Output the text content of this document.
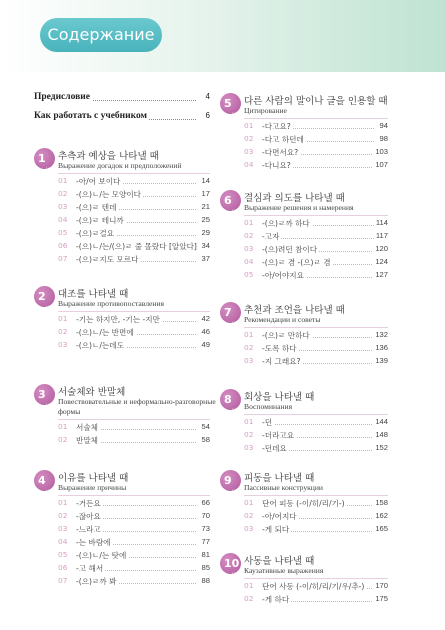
Содержание
Предисловие	4
Как работать с учебником	6
1
Unit
추측과 예상을 나타낼 때
Выражение догадок и предположений
01 -아/어 보이다	14
02 -(으)ㄴ/는 모양이다	17
03 -(으)ㄹ 텐데	21
04 -(으)ㄹ 테니까	25
05 -(으)ㄹ걸요	29
06 -(으)ㄴ/는/(으)ㄹ 줄 몰랐다 [알았다] 34
07 -(으)ㄹ지도 모르다	37
2
Unit
대조를 나타낼 때
Выражение противопоставления
01 -기는 하지만, -기는 -지만	42
02 -(으)ㄴ/는 반면에	46
03 -(으)ㄴ/는데도	49
3
Unit
서술체와 반말체
Повествовательные и неформально-разговорные формы
01 서술체	54
02 반말체	58
4
Unit
이유를 나타낼 때
Выражение причины
01 -거든요	66
02 -잖아요	70
03 -느라고	73
04 -는 바람에	77
05 -(으)ㄴ/는 탓에	81
06 -고 해서	85
07 -(으)ㄹ까 봐	88
5
Unit
다른 사람의 말이나 글을 인용할 때
Цитирование
01 -다고요?	94
02 -다고 하던데	98
03 -다면서요?	103
04 -다니요?	107
6
Unit
결심과 의도를 나타낼 때
Выражение решения и намерения
01 -(으)ㄹ까 하다	114
02 -고자	117
03 -(으)려던 참이다	120
04 -(으)ㄹ 겸 -(으)ㄹ 겸	124
05 -아/어야지요	127
7
Unit
추천과 조언을 나타낼 때
Рекомендации и советы
01 -(으)ㄹ 만하다	132
02 -도록 하다	136
03 -지 그래요?	139
8
Unit
회상을 나타낼 때
Воспоминания
01 -던	144
02 -더라고요	148
03 -던데요	152
9
Unit
피동을 나타낼 때
Пассивные конструкции
01 단어 피동 (-이/히/리/기-)	158
02 -아/어지다	162
03 -게 되다	165
10
Unit
사동을 나타낼 때
Каузативные выражения
01 단어 사동 (-이/히/리/기/우/추-) 170
02 -게 하다	175
